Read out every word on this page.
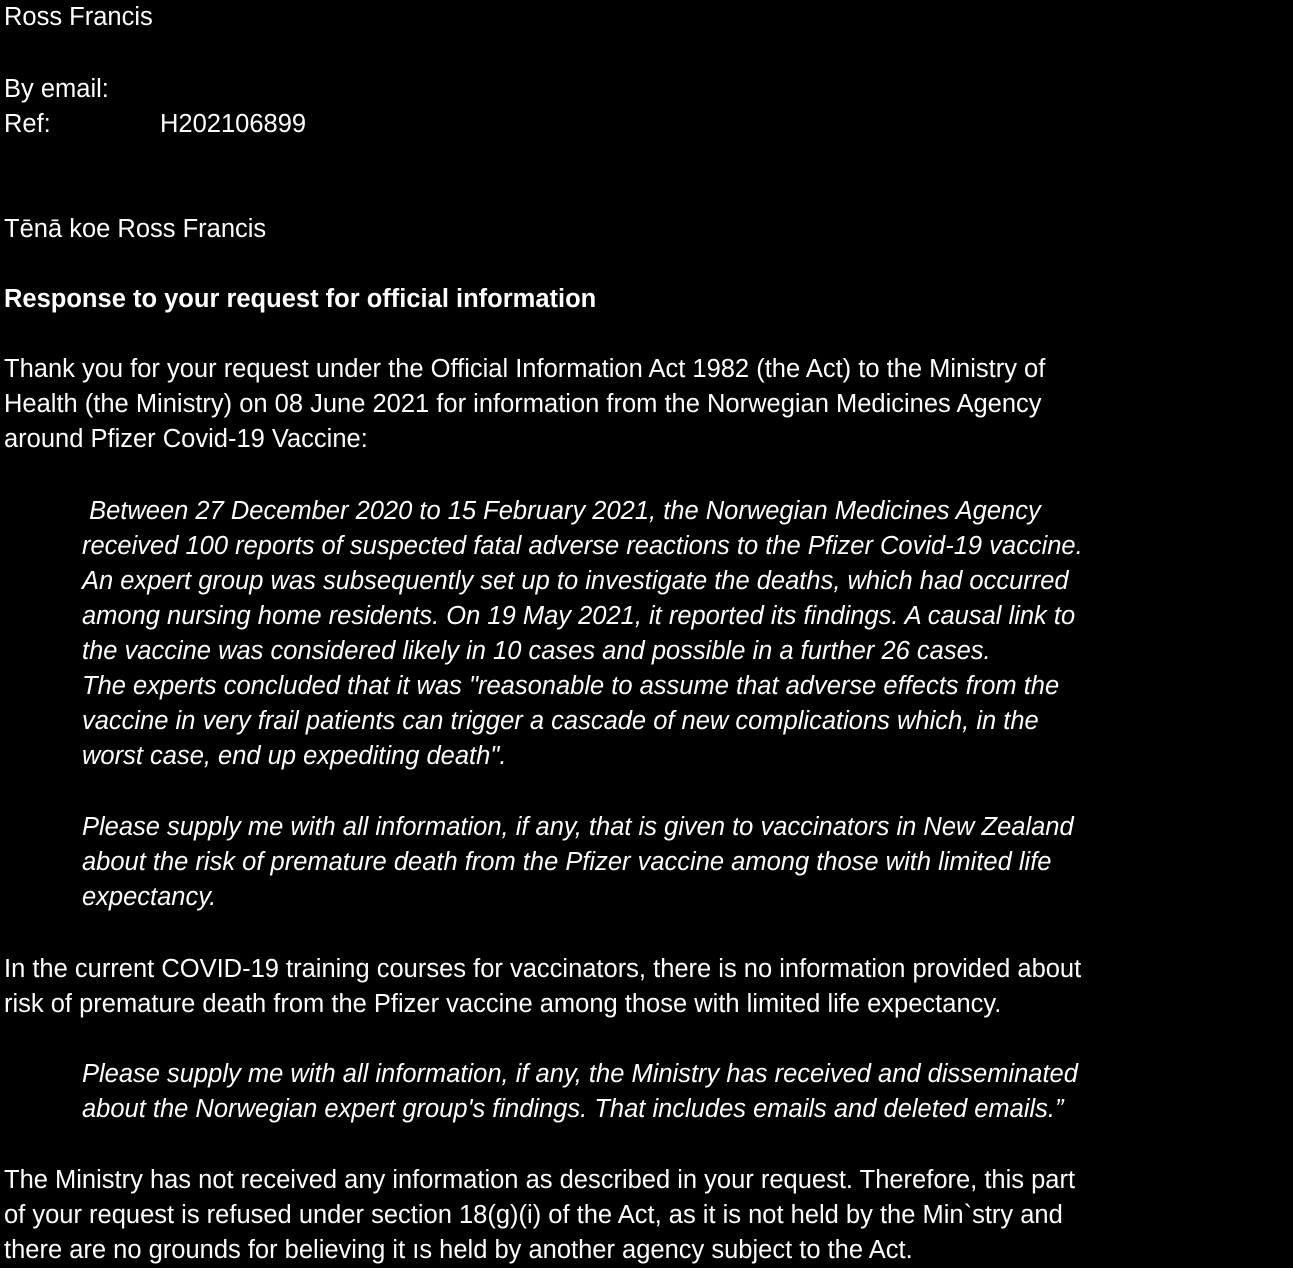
Ross Francis
By email:
Ref:	H202106899
Tēnā koe Ross Francis
Response to your request for official information
Thank you for your request under the Official Information Act 1982 (the Act) to the Ministry of
Health (the Ministry) on 08 June 2021 for information from the Norwegian Medicines Agency
around Pfizer Covid-19 Vaccine:
Between 27 December 2020 to 15 February 2021, the Norwegian Medicines Agency
received 100 reports of suspected fatal adverse reactions to the Pfizer Covid-19 vaccine.
An expert group was subsequently set up to investigate the deaths, which had occurred
among nursing home residents. On 19 May 2021, it reported its findings. A causal link to
the vaccine was considered likely in 10 cases and possible in a further 26 cases.
The experts concluded that it was "reasonable to assume that adverse effects from the
vaccine in very frail patients can trigger a cascade of new complications which, in the
worst case, end up expediting death".
Please supply me with all information, if any, that is given to vaccinators in New Zealand
about the risk of premature death from the Pfizer vaccine among those with limited life
expectancy.
In the current COVID-19 training courses for vaccinators, there is no information provided about
risk of premature death from the Pfizer vaccine among those with limited life expectancy.
Please supply me with all information, if any, the Ministry has received and disseminated
about the Norwegian expert group's findings. That includes emails and deleted emails.”
The Ministry has not received any information as described in your request. Therefore, this part
of your request is refused under section 18(g)(i) of the Act, as it is not held by the Min`stry and
there are no grounds for believing it ıs held by another agency subject to the Act.
